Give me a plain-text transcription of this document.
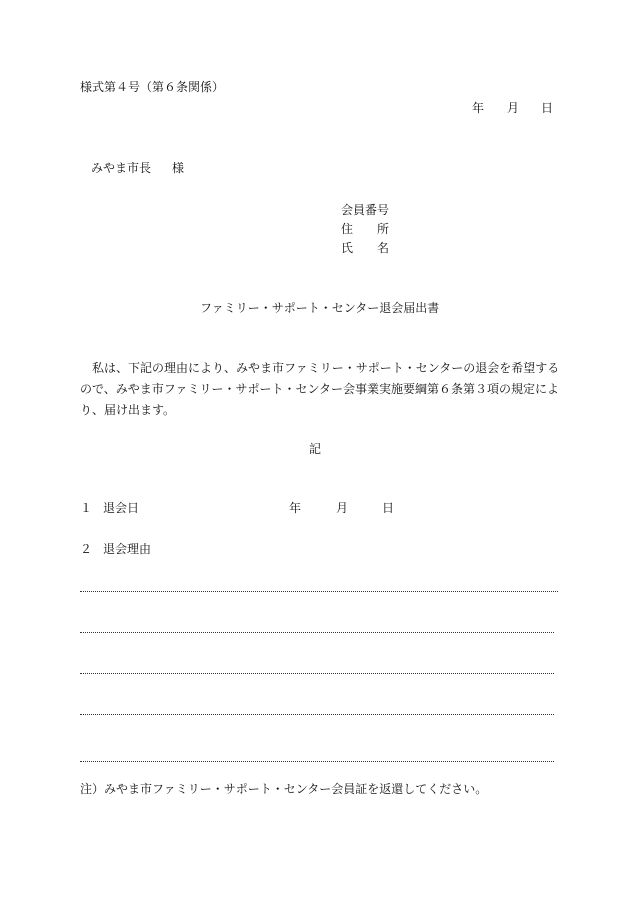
様式第４号（第６条関係）
年 月 日
みやま市長 様
会員番号
住 所
氏 名
ファミリー・サポート・センター退会届出書
私は、下記の理由により、みやま市ファミリー・サポート・センターの退会を希望する
ので、みやま市ファミリー・サポート・センター会事業実施要綱第６条第３項の規定によ
り、届け出ます。
記
１ 退会日	年	月	日
２ 退会理由
注）みやま市ファミリー・サポート・センター会員証を返還してください。
